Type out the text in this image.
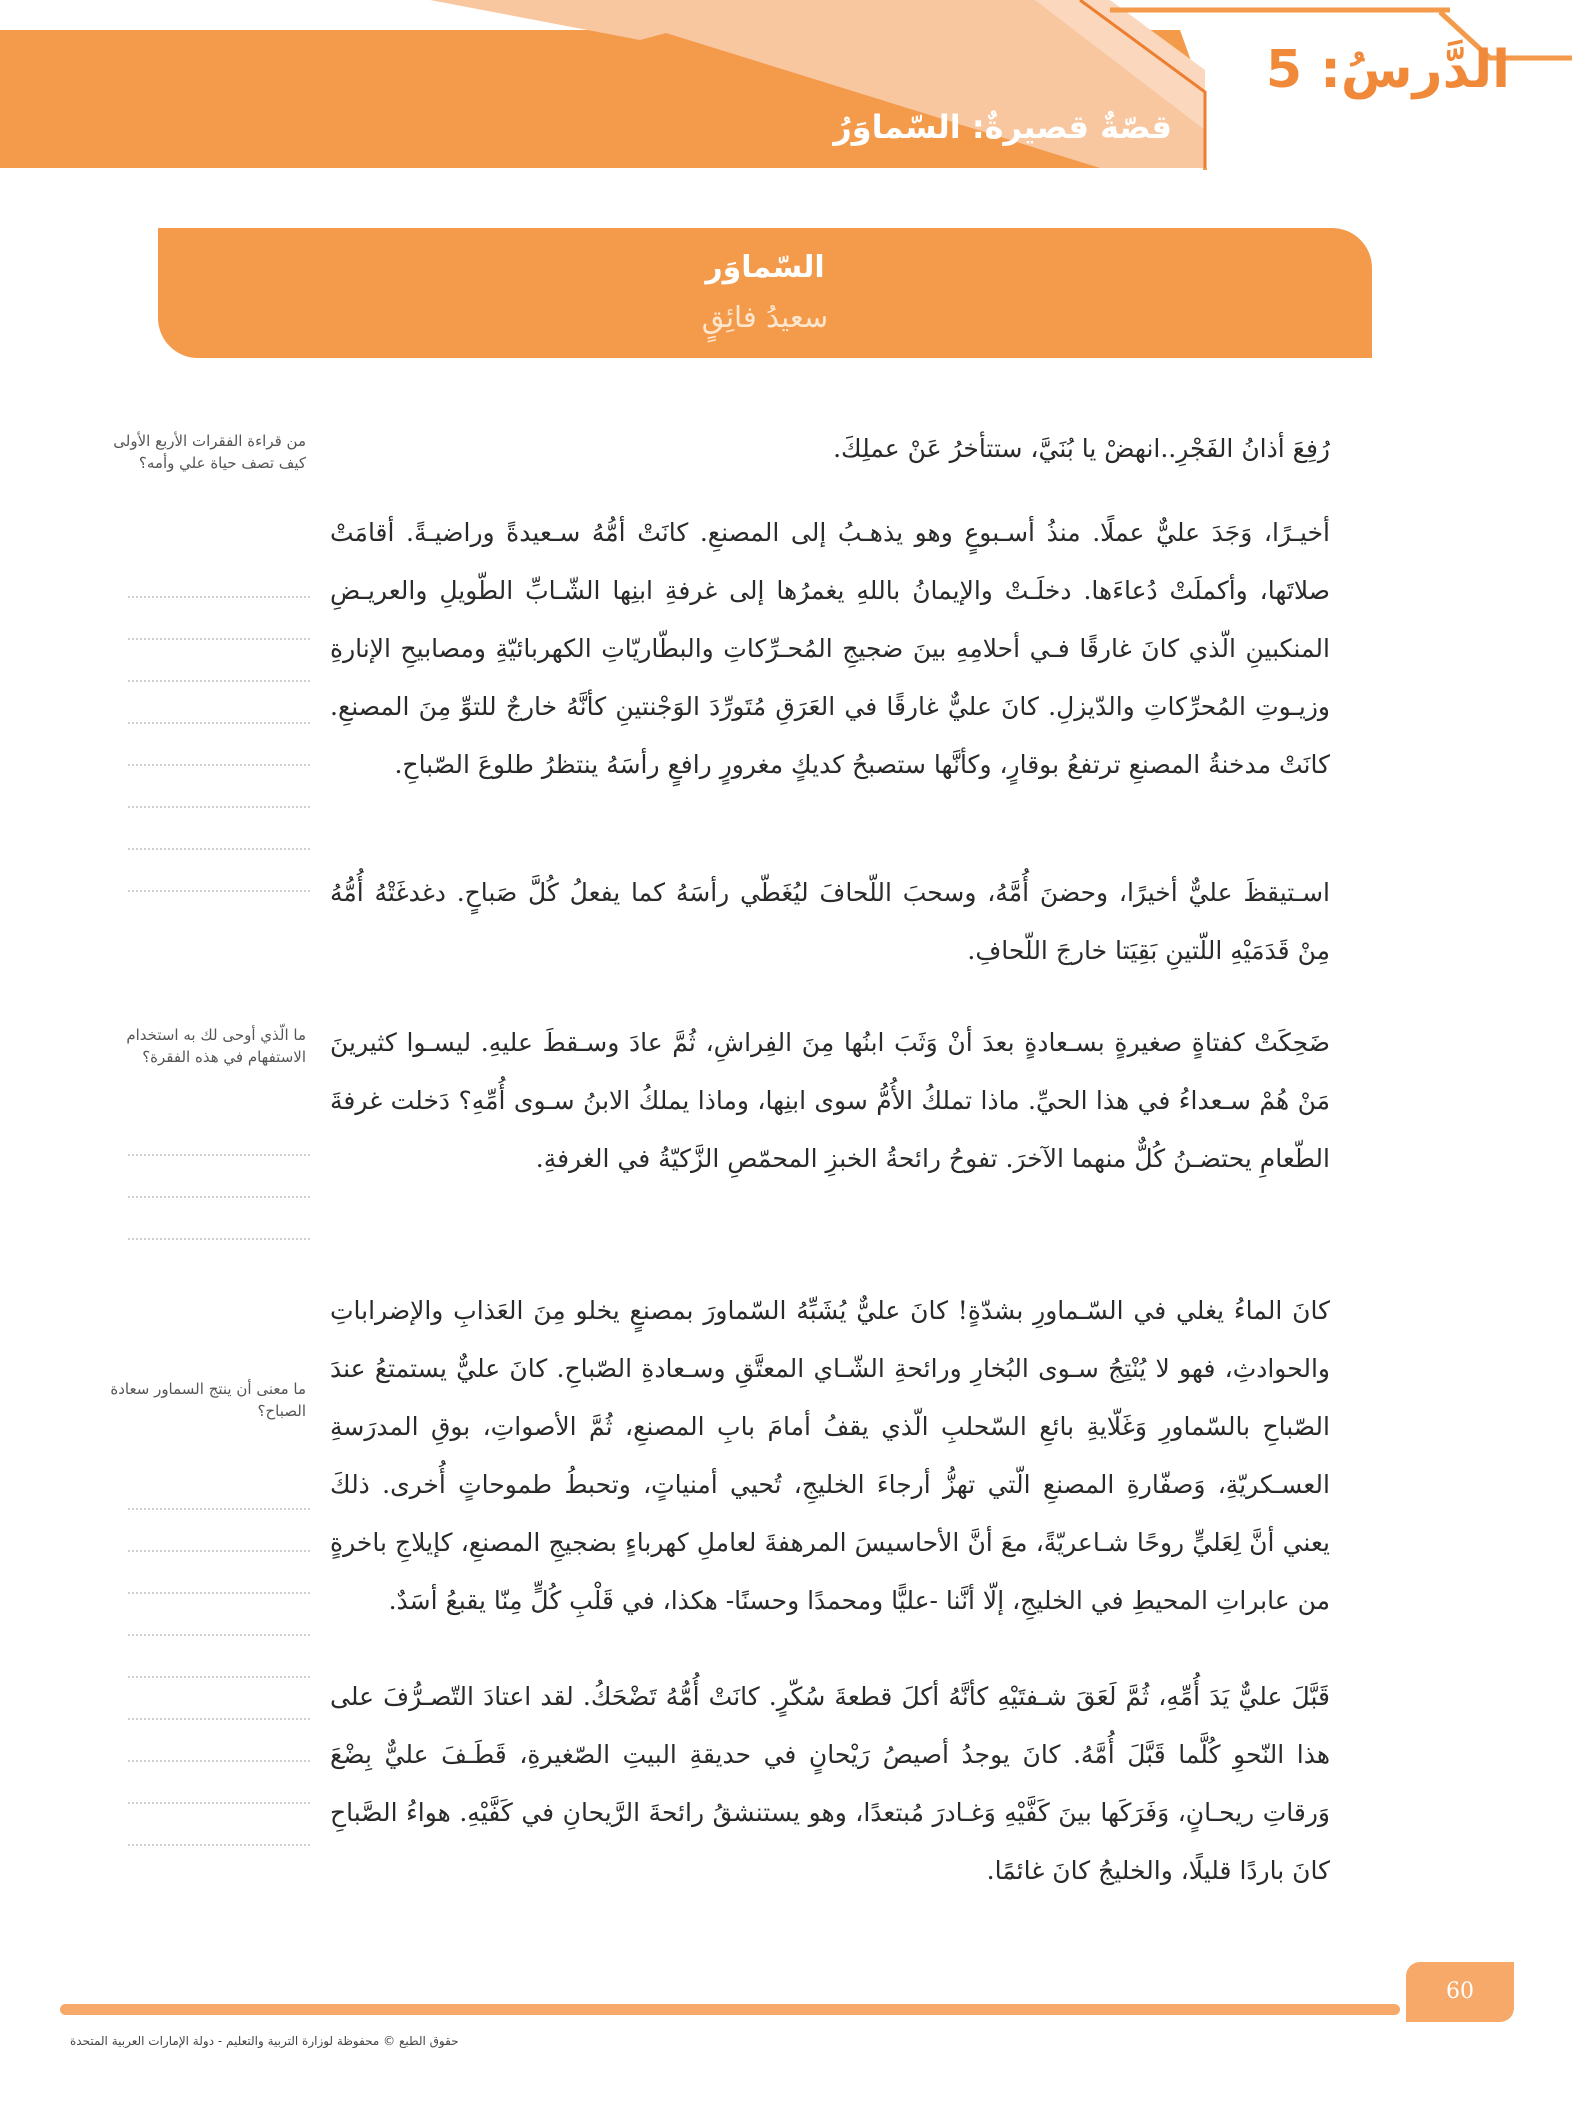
الدَّرسُ: 5
قصّةٌ قصيرةٌ: السّماوَرُ
السّماوَر
سعيدُ فائِقٍ

رُفِعَ أذانُ الفَجْرِ..انهضْ يا بُنَيَّ، ستتأخرُ عَنْ عملِكَ.

أخيـرًا، وَجَدَ عليٌّ عملًا. منذُ أسـبوعٍ وهو يذهـبُ إلى المصنعِ. كانَتْ أمُّهُ سـعيدةً وراضيـةً. أقامَتْ صلاتَها، وأكملَتْ دُعاءَها. دخلَـتْ والإيمانُ باللهِ يغمرُها إلى غرفةِ ابنِها الشّـابِّ الطّويلِ والعريـضِ المنكبينِ الّذي كانَ غارقًا فـي أحلامِهِ بينَ ضجيجِ المُحـرِّكاتِ والبطّاريّاتِ الكهربائيّةِ ومصابيحِ الإنارةِ وزيـوتِ المُحرِّكاتِ والدّيزلِ. كانَ عليٌّ غارقًا في العَرَقِ مُتَورِّدَ الوَجْنتينِ كأنَّهُ خارجٌ للتوِّ مِنَ المصنعِ. كانَتْ مدخنةُ المصنعِ ترتفعُ بوقارٍ، وكأنَّها ستصبحُ كديكٍ مغرورٍ رافعٍ رأسَهُ ينتظرُ طلوعَ الصّباحِ.

اسـتيقظَ عليٌّ أخيرًا، وحضنَ أُمَّهُ، وسحبَ اللّحافَ ليُغَطّي رأسَهُ كما يفعلُ كُلَّ صَباحٍ. دغدغَتْهُ أُمُّهُ مِنْ قَدَمَيْهِ اللّتينِ بَقِيَتا خارجَ اللّحافِ.

ضَحِكَتْ كفتاةٍ صغيرةٍ بسـعادةٍ بعدَ أنْ وَثَبَ ابنُها مِنَ الفِراشِ، ثُمَّ عادَ وسـقطَ عليهِ. ليسـوا كثيرينَ مَنْ هُمْ سـعداءُ في هذا الحيِّ. ماذا تملكُ الأُمُّ سوى ابنِها، وماذا يملكُ الابنُ سـوى أُمِّهِ؟ دَخلت غرفةَ الطّعامِ يحتضـنُ كُلٌّ منهما الآخرَ. تفوحُ رائحةُ الخبزِ المحمّصِ الزَّكيّةُ في الغرفةِ.

كانَ الماءُ يغلي في السّـماورِ بشدّةٍ! كانَ عليٌّ يُشَبِّهُ السّماورَ بمصنعٍ يخلو مِنَ العَذابِ والإضراباتِ والحوادثِ، فهو لا يُنْتِجُ سـوى البُخارِ ورائحةِ الشّـاي المعتَّقِ وسـعادةِ الصّباحِ. كانَ عليٌّ يستمتعُ عندَ الصّباحِ بالسّماورِ وَغَلّايةِ بائعِ السّحلبِ الّذي يقفُ أمامَ بابِ المصنعِ، ثُمَّ الأصواتِ، بوقِ المدرَسةِ العسـكريّةِ، وَصفّارةِ المصنعِ الّتي تهزُّ أرجاءَ الخليجِ، تُحيي أمنياتٍ، وتحبطُ طموحاتٍ أُخرى. ذلكَ يعني أنَّ لِعَليٍّ روحًا شـاعريّةً، معَ أنَّ الأحاسيسَ المرهفةَ لعاملِ كهرباءٍ بضجيجِ المصنعِ، كإيلاجِ باخرةٍ من عابراتِ المحيطِ في الخليجِ، إلّا أنَّنا -عليًّا ومحمدًا وحسنًا- هكذا، في قَلْبِ كُلٍّ مِنّا يقبعُ أسَدٌ.

قَبَّلَ عليٌّ يَدَ أُمِّهِ، ثُمَّ لَعَقَ شـفتَيْهِ كأنَّهُ أكلَ قطعةَ سُكّرٍ. كانَتْ أُمُّهُ تَضْحَكُ. لقد اعتادَ التّصـرُّفَ على هذا النّحوِ كُلَّما قَبَّلَ أُمَّهُ. كانَ يوجدُ أصيصُ رَيْحانٍ في حديقةِ البيتِ الصّغيرةِ، قَطَـفَ عليٌّ بِضْعَ وَرقاتِ ريحـانٍ، وَفَرَكَها بينَ كَفَّيْهِ وَغـادرَ مُبتعدًا، وهو يستنشقُ رائحةَ الرَّيحانِ في كَفَّيْهِ. هواءُ الصَّباحِ كانَ باردًا قليلًا، والخليجُ كانَ غائمًا.

من قراءة الفقرات الأربع الأولى كيف تصف حياة علي وأمه؟
ما الّذي أوحى لك به استخدام الاستفهام في هذه الفقرة؟
ما معنى أن ينتج السماور سعادة الصباح؟
60
حقوق الطبع © محفوظة لوزارة التربية والتعليم - دولة الإمارات العربية المتحدة
